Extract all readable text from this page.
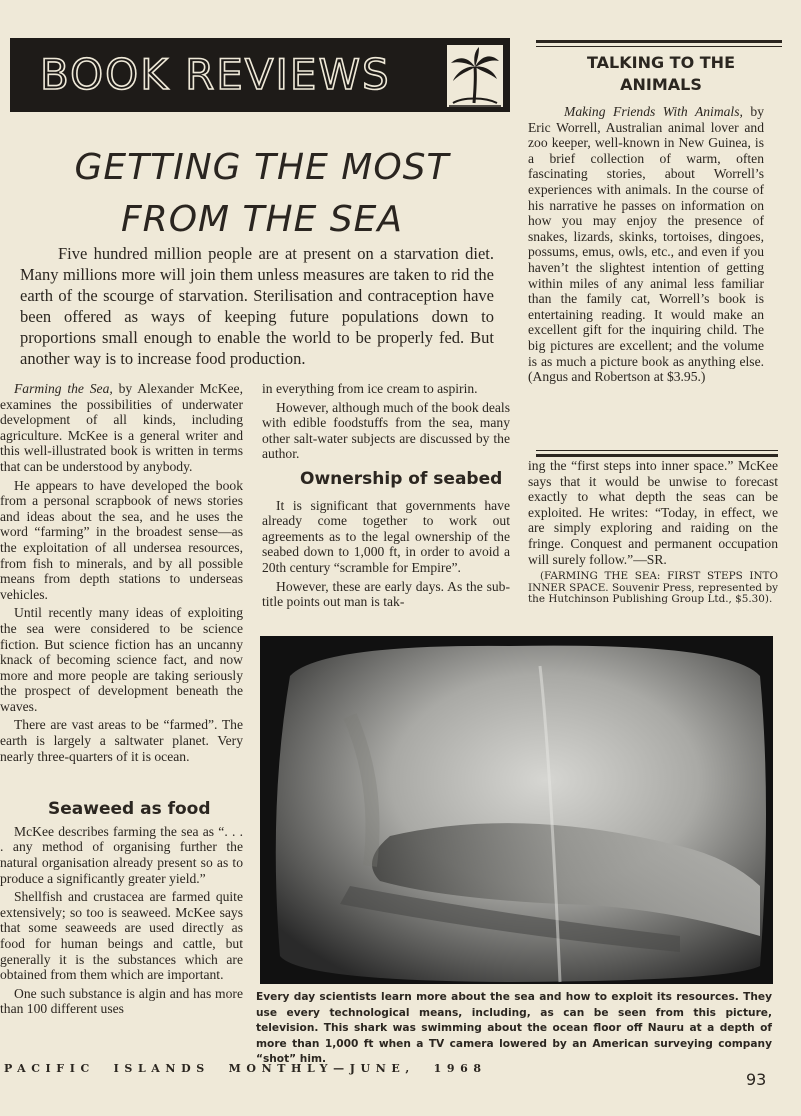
BOOK REVIEWS
GETTING THE MOST
FROM THE SEA

Five hundred million people are at present on a starvation diet. Many millions more will join them unless measures are taken to rid the earth of the scourge of starvation. Sterilisation and contraception have been offered as ways of keeping future populations down to proportions small enough to enable the world to be properly fed. But another way is to increase food production.

Farming the Sea, by Alexander McKee, examines the possibilities of underwater development of all kinds, including agriculture. McKee is a general writer and this well-illustrated book is written in terms that can be understood by anybody.

He appears to have developed the book from a personal scrapbook of news stories and ideas about the sea, and he uses the word “farming” in the broadest sense—as the exploitation of all undersea resources, from fish to minerals, and by all possible means from depth stations to underseas vehicles.

Until recently many ideas of exploiting the sea were considered to be science fiction. But science fiction has an uncanny knack of becoming science fact, and now more and more people are taking seriously the prospect of development beneath the waves.

There are vast areas to be “farmed”. The earth is largely a saltwater planet. Very nearly three-quarters of it is ocean.

Seaweed as food

McKee describes farming the sea as “. . . . any method of organising further the natural organisation already present so as to produce a significantly greater yield.”

Shellfish and crustacea are farmed quite extensively; so too is seaweed. McKee says that some seaweeds are used directly as food for human beings and cattle, but generally it is the substances which are obtained from them which are important.

One such substance is algin and has more than 100 different uses

in everything from ice cream to aspirin.

However, although much of the book deals with edible foodstuffs from the sea, many other salt-water subjects are discussed by the author.

Ownership of seabed

It is significant that governments have already come together to work out agreements as to the legal ownership of the seabed down to 1,000 ft, in order to avoid a 20th century “scramble for Empire”.

However, these are early days. As the sub-title points out man is tak-

TALKING TO THE
ANIMALS

Making Friends With Animals, by Eric Worrell, Australian animal lover and zoo keeper, well-known in New Guinea, is a brief collection of warm, often fascinating stories, about Worrell’s experiences with animals. In the course of his narrative he passes on information on how you may enjoy the presence of snakes, lizards, skinks, tortoises, dingoes, possums, emus, owls, etc., and even if you haven’t the slightest intention of getting within miles of any animal less familiar than the family cat, Worrell’s book is entertaining reading. It would make an excellent gift for the inquiring child. The big pictures are excellent; and the volume is as much a picture book as anything else. (Angus and Robertson at $3.95.)

ing the “first steps into inner space.” McKee says that it would be unwise to forecast exactly to what depth the seas can be exploited. He writes: “Today, in effect, we are simply exploring and raiding on the fringe. Conquest and permanent occupation will surely follow.”—SR.

(FARMING THE SEA: FIRST STEPS INTO INNER SPACE. Souvenir Press, represented by the Hutchinson Publishing Group Ltd., $5.30).

Every day scientists learn more about the sea and how to exploit its resources. They use every technological means, including, as can be seen from this picture, television. This shark was swimming about the ocean floor off Nauru at a depth of more than 1,000 ft when a TV camera lowered by an American surveying company “shot” him.

PACIFIC  ISLANDS  MONTHLY—JUNE,  1968
93
